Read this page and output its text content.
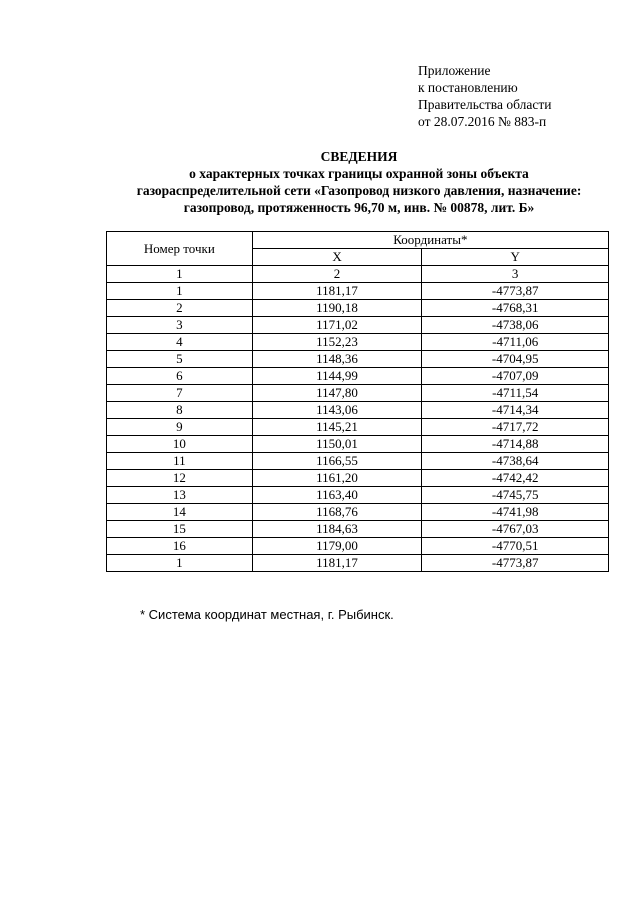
Приложение
к постановлению
Правительства области
от 28.07.2016 № 883-п
СВЕДЕНИЯ
о характерных точках границы охранной зоны объекта
газораспределительной сети «Газопровод низкого давления, назначение:
газопровод, протяженность 96,70 м, инв. № 00878, лит. Б»
Номер точки	Координаты*	
	X	Y
1	2	3
1	1181,17	-4773,87
2	1190,18	-4768,31
3	1171,02	-4738,06
4	1152,23	-4711,06
5	1148,36	-4704,95
6	1144,99	-4707,09
7	1147,80	-4711,54
8	1143,06	-4714,34
9	1145,21	-4717,72
10	1150,01	-4714,88
11	1166,55	-4738,64
12	1161,20	-4742,42
13	1163,40	-4745,75
14	1168,76	-4741,98
15	1184,63	-4767,03
16	1179,00	-4770,51
1	1181,17	-4773,87
* Система координат местная, г. Рыбинск.
